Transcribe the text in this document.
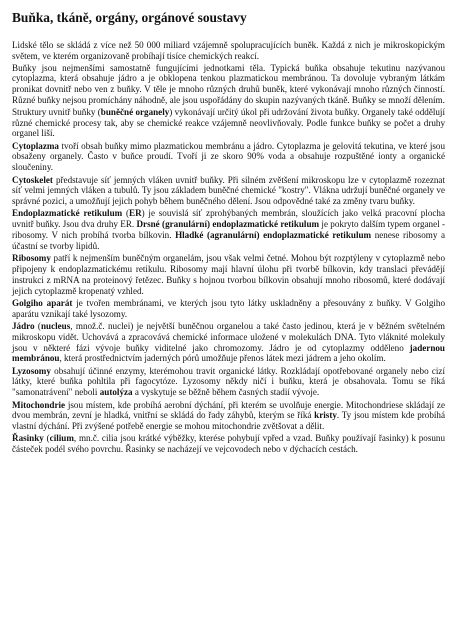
Buňka, tkáně, orgány, orgánové soustavy

Lidské tělo se skládá z více než 50 000 miliard vzájemně spolupracujících buněk. Každá z nich je mikroskopickým světem, ve kterém organizovaně probíhají tisíce chemických reakcí.

Buňky jsou nejmenšími samostatně fungujícími jednotkami těla. Typická buňka obsahuje tekutinu nazývanou cytoplazma, která obsahuje jádro a je obklopena tenkou plazmatickou membránou. Ta dovoluje vybraným látkám pronikat dovnitř nebo ven z buňky. V těle je mnoho různých druhů buněk, které vykonávají mnoho různých činností. Různé buňky nejsou promíchány náhodně, ale jsou uspořádány do skupin nazývaných tkáně. Buňky se množí dělením.

Struktury uvnitř buňky (buněčné organely) vykonávají určitý úkol při udržování života buňky. Organely také oddělují různé chemické procesy tak, aby se chemické reakce vzájemně neovlivňovaly. Podle funkce buňky se počet a druhy organel liší.

Cytoplazma tvoří obsah buňky mimo plazmatickou membránu a jádro. Cytoplazma je gelovitá tekutina, ve které jsou obsaženy organely. Často v buňce proudí. Tvoří ji ze skoro 90% voda a obsahuje rozpuštěné ionty a organické sloučeniny.

Cytoskelet představuje síť jemných vláken uvnitř buňky. Při silném zvětšení mikroskopu lze v cytoplazmě rozeznat síť velmi jemných vláken a tubulů. Ty jsou základem buněčné chemické "kostry". Vlákna udržují buněčné organely ve správné pozici, a umožňují jejich pohyb během buněčného dělení. Jsou odpovědné také za změny tvaru buňky.

Endoplazmatické retikulum (ER) je souvislá síť zprohýbaných membrán, sloužících jako velká pracovní plocha uvnitř buňky. Jsou dva druhy ER. Drsné (granulární) endoplazmatické retikulum je pokryto dalším typem organel - ribosomy. V nich probíhá tvorba bílkovin. Hladké (agranulární) endoplazmatické retikulum nenese ribosomy a účastní se tvorby lipidů.

Ribosomy patří k nejmenším buněčným organelám, jsou však velmi četné. Mohou být rozptýleny v cytoplazmě nebo připojeny k endoplazmatickému retikulu. Ribosomy mají hlavní úlohu při tvorbě bílkovin, kdy translaci převádějí instrukci z mRNA na proteinový řetězec. Buňky s hojnou tvorbou bílkovin obsahují mnoho ribosomů, které dodávají jejich cytoplazmě kropenatý vzhled.

Golgiho aparát je tvořen membránami, ve kterých jsou tyto látky uskladněny a přesouvány z buňky. V Golgiho aparátu vznikají také lysozomy.

Jádro (nucleus, množ.č. nuclei) je největší buněčnou organelou a také často jedinou, která je v běžném světelném mikroskopu vidět. Uchovává a zpracovává chemické informace uložené v molekulách DNA. Tyto vláknité molekuly jsou v některé fázi vývoje buňky viditelné jako chromozomy. Jádro je od cytoplazmy odděleno jadernou membránou, která prostřednictvím jaderných pórů umožňuje přenos látek mezi jádrem a jeho okolím.

Lyzosomy obsahují účinné enzymy, kterémohou travit organické látky. Rozkládají opotřebované organely nebo cizí látky, které buňka pohltila při fagocytóze. Lyzosomy někdy ničí i buňku, která je obsahovala. Tomu se říká "samonatrávení" neboli autolýza a vyskytuje se běžně během časných stadií vývoje.

Mitochondrie jsou místem, kde probíhá aerobní dýchání, při kterém se uvolňuje energie. Mitochondriese skládají ze dvou membrán, zevní je hladká, vnitřní se skládá do řady záhybů, kterým se říká kristy. Ty jsou místem kde probíhá vlastní dýchání. Při zvýšené potřebě energie se mohou mitochondrie zvětšovat a dělit.

Řasinky (cilium, mn.č. cilia jsou krátké výběžky, kterése pohybují vpřed a vzad. Buňky používají řasinky) k posunu částeček podél svého povrchu. Řasinky se nacházejí ve vejcovodech nebo v dýchacích cestách.
